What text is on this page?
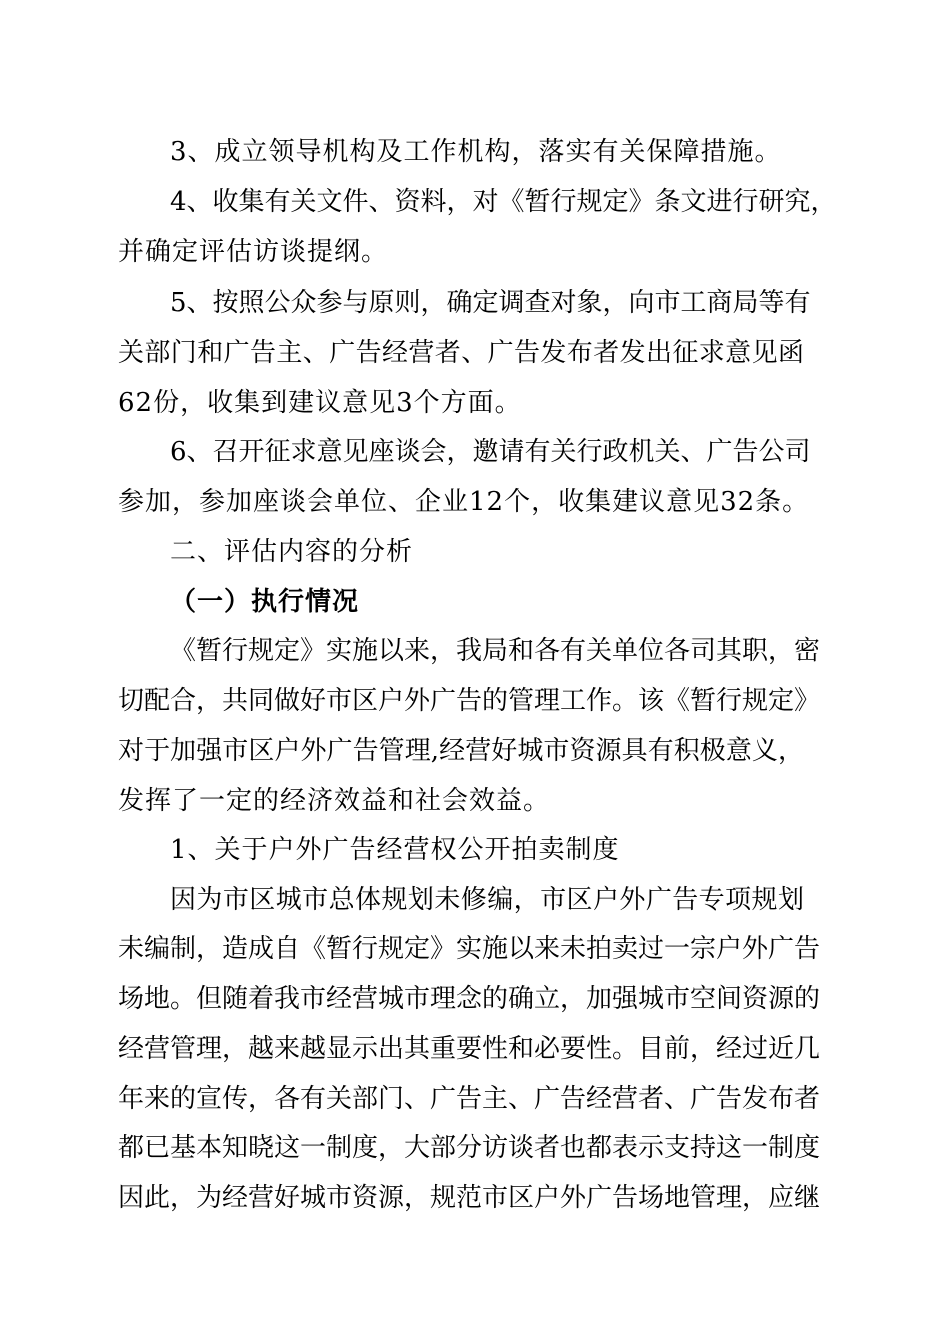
3、成立领导机构及工作机构，落实有关保障措施。
4、收集有关文件、资料，对《暂行规定》条文进行研究，
并确定评估访谈提纲。
5、按照公众参与原则，确定调查对象，向市工商局等有
关部门和广告主、广告经营者、广告发布者发出征求意见函
62份，收集到建议意见3个方面。
6、召开征求意见座谈会，邀请有关行政机关、广告公司
参加，参加座谈会单位、企业12个，收集建议意见32条。
二、评估内容的分析
（一）执行情况
《暂行规定》实施以来，我局和各有关单位各司其职，密
切配合，共同做好市区户外广告的管理工作。该《暂行规定》
对于加强市区户外广告管理,经营好城市资源具有积极意义，
发挥了一定的经济效益和社会效益。
1、关于户外广告经营权公开拍卖制度
因为市区城市总体规划未修编，市区户外广告专项规划
未编制，造成自《暂行规定》实施以来未拍卖过一宗户外广告
场地。但随着我市经营城市理念的确立，加强城市空间资源的
经营管理，越来越显示出其重要性和必要性。目前，经过近几
年来的宣传，各有关部门、广告主、广告经营者、广告发布者
都已基本知晓这一制度，大部分访谈者也都表示支持这一制度
因此，为经营好城市资源，规范市区户外广告场地管理，应继
